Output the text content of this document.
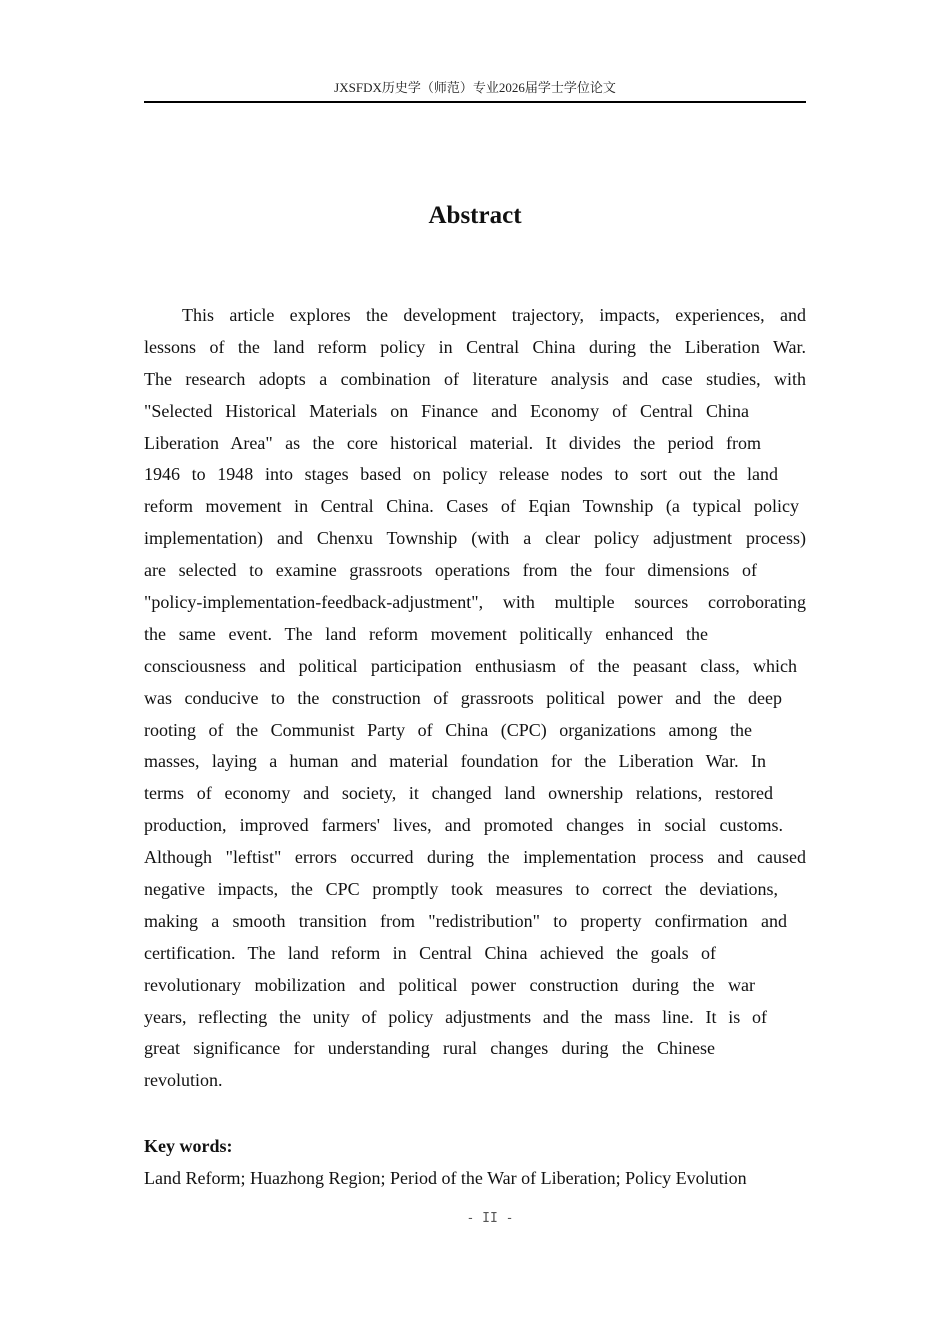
JXSFDX历史学（师范）专业2026届学士学位论文
Abstract
This article explores the development trajectory, impacts, experiences, and
lessons of the land reform policy in Central China during the Liberation War.
The research adopts a combination of literature analysis and case studies, with
"Selected Historical Materials on Finance and Economy of Central China
Liberation Area" as the core historical material. It divides the period from
1946 to 1948 into stages based on policy release nodes to sort out the land
reform movement in Central China. Cases of Eqian Township (a typical policy
implementation) and Chenxu Township (with a clear policy adjustment process)
are selected to examine grassroots operations from the four dimensions of
"policy-implementation-feedback-adjustment", with multiple sources corroborating
the same event. The land reform movement politically enhanced the
consciousness and political participation enthusiasm of the peasant class, which
was conducive to the construction of grassroots political power and the deep
rooting of the Communist Party of China (CPC) organizations among the
masses, laying a human and material foundation for the Liberation War. In
terms of economy and society, it changed land ownership relations, restored
production, improved farmers' lives, and promoted changes in social customs.
Although "leftist" errors occurred during the implementation process and caused
negative impacts, the CPC promptly took measures to correct the deviations,
making a smooth transition from "redistribution" to property confirmation and
certification. The land reform in Central China achieved the goals of
revolutionary mobilization and political power construction during the war
years, reflecting the unity of policy adjustments and the mass line. It is of
great significance for understanding rural changes during the Chinese
revolution.
Key words:
Land Reform; Huazhong Region; Period of the War of Liberation; Policy Evolution
- II -
